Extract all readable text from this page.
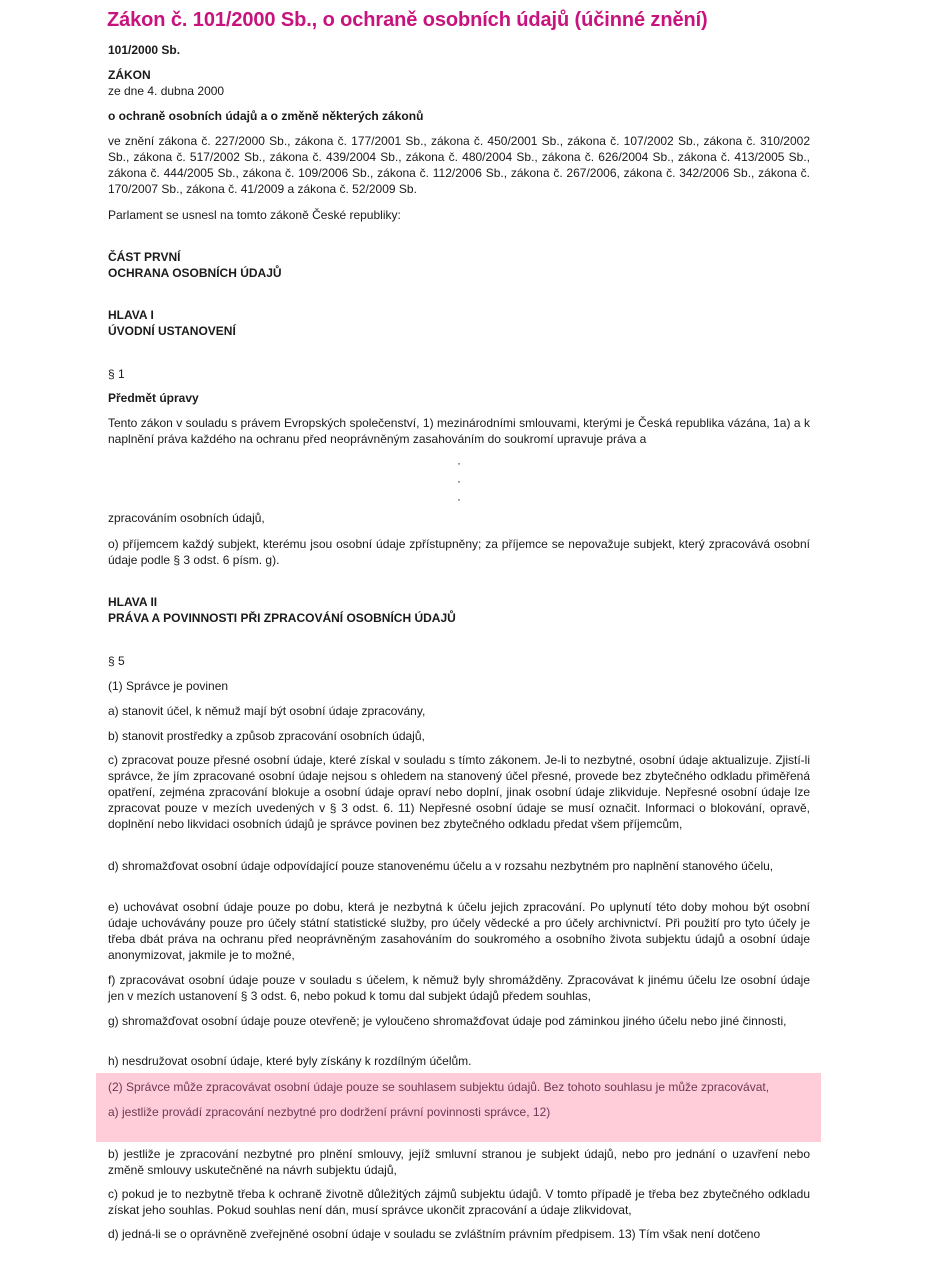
Zákon č. 101/2000 Sb., o ochraně osobních údajů (účinné znění)

101/2000 Sb.

ZÁKON

ze dne 4. dubna 2000

o ochraně osobních údajů a o změně některých zákonů

ve znění zákona č. 227/2000 Sb., zákona č. 177/2001 Sb., zákona č. 450/2001 Sb., zákona č. 107/2002 Sb., zákona č. 310/2002 Sb., zákona č. 517/2002 Sb., zákona č. 439/2004 Sb., zákona č. 480/2004 Sb., zákona č. 626/2004 Sb., zákona č. 413/2005 Sb., zákona č. 444/2005 Sb., zákona č. 109/2006 Sb., zákona č. 112/2006 Sb., zákona č. 267/2006, zákona č. 342/2006 Sb., zákona č. 170/2007 Sb., zákona č. 41/2009 a zákona č. 52/2009 Sb.

Parlament se usnesl na tomto zákoně České republiky:

ČÁST PRVNÍ

OCHRANA OSOBNÍCH ÚDAJŮ

HLAVA I

ÚVODNÍ USTANOVENÍ

§ 1

Předmět úpravy

Tento zákon v souladu s právem Evropských společenství, 1) mezinárodními smlouvami, kterými je Česká republika vázána, 1a) a k naplnění práva každého na ochranu před neoprávněným zasahováním do soukromí upravuje práva a

·
·
·

zpracováním osobních údajů,

o) příjemcem každý subjekt, kterému jsou osobní údaje zpřístupněny; za příjemce se nepovažuje subjekt, který zpracovává osobní údaje podle § 3 odst. 6 písm. g).

HLAVA II

PRÁVA A POVINNOSTI PŘI ZPRACOVÁNÍ OSOBNÍCH ÚDAJŮ

§ 5

(1) Správce je povinen

a) stanovit účel, k němuž mají být osobní údaje zpracovány,

b) stanovit prostředky a způsob zpracování osobních údajů,

c) zpracovat pouze přesné osobní údaje, které získal v souladu s tímto zákonem. Je-li to nezbytné, osobní údaje aktualizuje. Zjistí-li správce, že jím zpracované osobní údaje nejsou s ohledem na stanovený účel přesné, provede bez zbytečného odkladu přiměřená opatření, zejména zpracování blokuje a osobní údaje opraví nebo doplní, jinak osobní údaje zlikviduje. Nepřesné osobní údaje lze zpracovat pouze v mezích uvedených v § 3 odst. 6. 11) Nepřesné osobní údaje se musí označit. Informaci o blokování, opravě, doplnění nebo likvidaci osobních údajů je správce povinen bez zbytečného odkladu předat všem příjemcům,

d) shromažďovat osobní údaje odpovídající pouze stanovenému účelu a v rozsahu nezbytném pro naplnění stanového účelu,

e) uchovávat osobní údaje pouze po dobu, která je nezbytná k účelu jejich zpracování. Po uplynutí této doby mohou být osobní údaje uchovávány pouze pro účely státní statistické služby, pro účely vědecké a pro účely archivnictví. Při použití pro tyto účely je třeba dbát práva na ochranu před neoprávněným zasahováním do soukromého a osobního života subjektu údajů a osobní údaje anonymizovat, jakmile je to možné,

f) zpracovávat osobní údaje pouze v souladu s účelem, k němuž byly shromážděny. Zpracovávat k jinému účelu lze osobní údaje jen v mezích ustanovení § 3 odst. 6, nebo pokud k tomu dal subjekt údajů předem souhlas,

g) shromažďovat osobní údaje pouze otevřeně; je vyloučeno shromažďovat údaje pod záminkou jiného účelu nebo jiné činnosti,

h) nesdružovat osobní údaje, které byly získány k rozdílným účelům.

(2) Správce může zpracovávat osobní údaje pouze se souhlasem subjektu údajů. Bez tohoto souhlasu je může zpracovávat,

a) jestliže provádí zpracování nezbytné pro dodržení právní povinnosti správce, 12)

b) jestliže je zpracování nezbytné pro plnění smlouvy, jejíž smluvní stranou je subjekt údajů, nebo pro jednání o uzavření nebo změně smlouvy uskutečněné na návrh subjektu údajů,

c) pokud je to nezbytně třeba k ochraně životně důležitých zájmů subjektu údajů. V tomto případě je třeba bez zbytečného odkladu získat jeho souhlas. Pokud souhlas není dán, musí správce ukončit zpracování a údaje zlikvidovat,

d) jedná-li se o oprávněně zveřejněné osobní údaje v souladu se zvláštním právním předpisem. 13) Tím však není dotčeno
